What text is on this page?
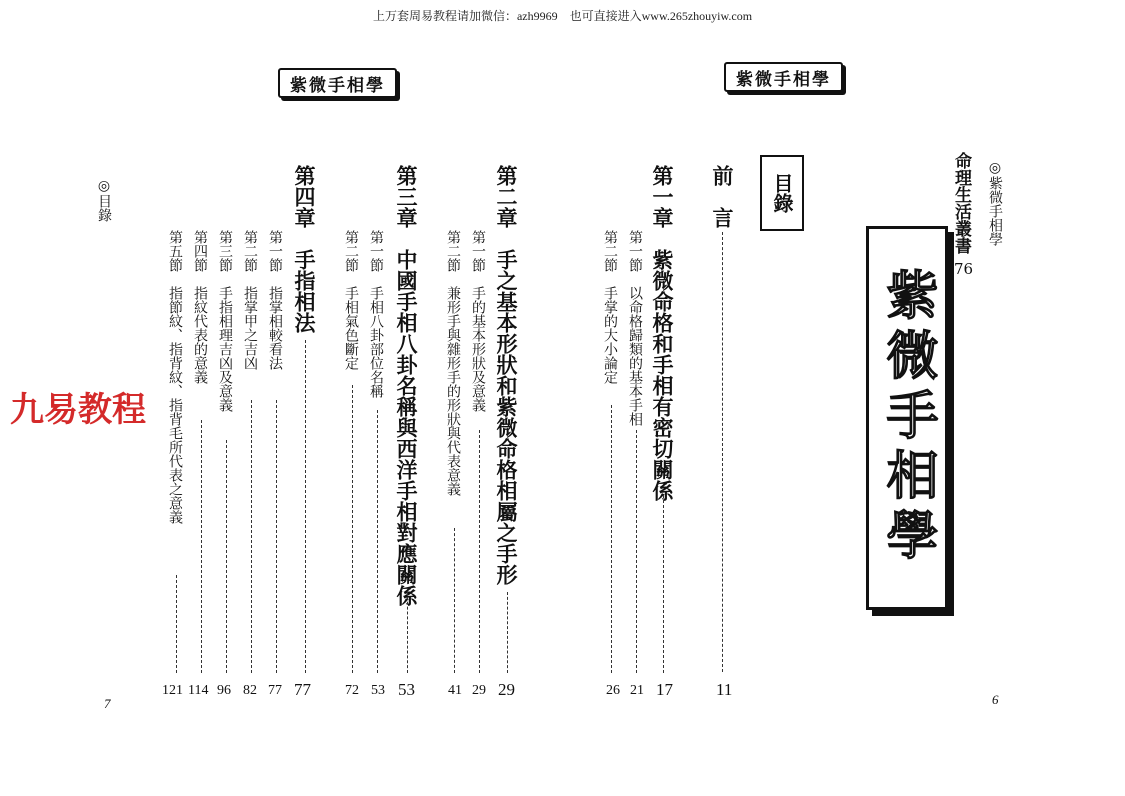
上万套周易教程请加微信：azh9969　也可直接进入www.265zhouyiw.com
紫微手相學	紫微手相學
◎紫微手相學
命理生活叢書
76
紫微手相學
目錄
前　言
11
第一章　紫微命格和手相有密切關係
17
第一節　以命格歸類的基本手相
21
第二節　手掌的大小論定
26
6
◎目錄	第二章　手之基本形狀和紫微命格相屬之手形
29
第一節　手的基本形狀及意義
29
第二節　兼形手與雜形手的形狀與代表意義
41
第三章　中國手相八卦名稱與西洋手相對應關係
53
第一節　手相八卦部位名稱
53
第二節　手相氣色斷定
72
第四章　手指相法
77
第一節　指掌相較看法
77
第二節　指掌甲之吉凶
82
第三節　手指相理吉凶及意義
96
第四節　指紋代表的意義
114
第五節　指節紋、指背紋、指背毛所代表之意義
121
7
九易教程
